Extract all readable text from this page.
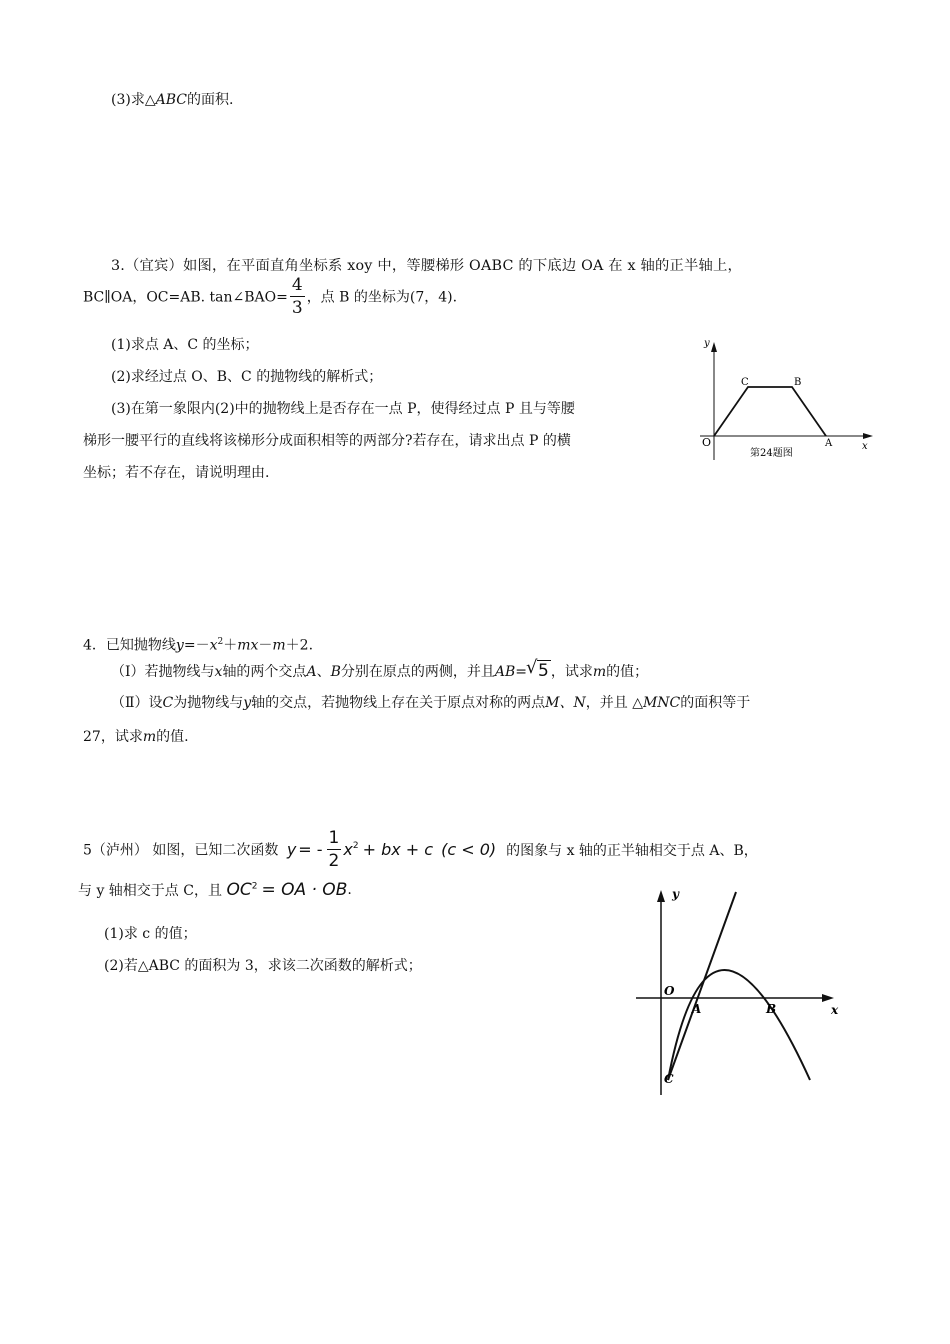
(3)求△ABC的面积.
3.（宜宾）如图，在平面直角坐标系 xoy 中，等腰梯形 OABC 的下底边 OA 在 x 轴的正半轴上，
BC∥OA，OC=AB. tan∠BAO= $\frac{4}{3}$ ，点 B 的坐标为(7，4).
(1)求点 A、C 的坐标；
(2)求经过点 O、B、C 的抛物线的解析式；
(3)在第一象限内(2)中的抛物线上是否存在一点 P，使得经过点 P 且与等腰
梯形一腰平行的直线将该梯形分成面积相等的两部分?若存在，请求出点 P 的横
坐标；若不存在，请说明理由.
y
x
O	A
B
C
第24题图
4．已知抛物线$y=-x^2+mx-m+2$.
（Ⅰ）若抛物线与x轴的两个交点A、B分别在原点的两侧，并且AB=√ 5 ，试求m的值；
（Ⅱ）设C为抛物线与y轴的交点，若抛物线上存在关于原点对称的两点M、N，并且 △MNC的面积等于
27，试求m的值.
5（泸州） 如图，已知二次函数 y = - $\frac{1}{2} x^2$ + bx + c (c < 0) 的图象与 x 轴的正半轴相交于点 A、B，
与 y 轴相交于点 C，且 $OC^2$ = OA · OB.
(1)求 c 的值；
(2)若△ABC 的面积为 3，求该二次函数的解析式；
y
x
O
A	B
C
